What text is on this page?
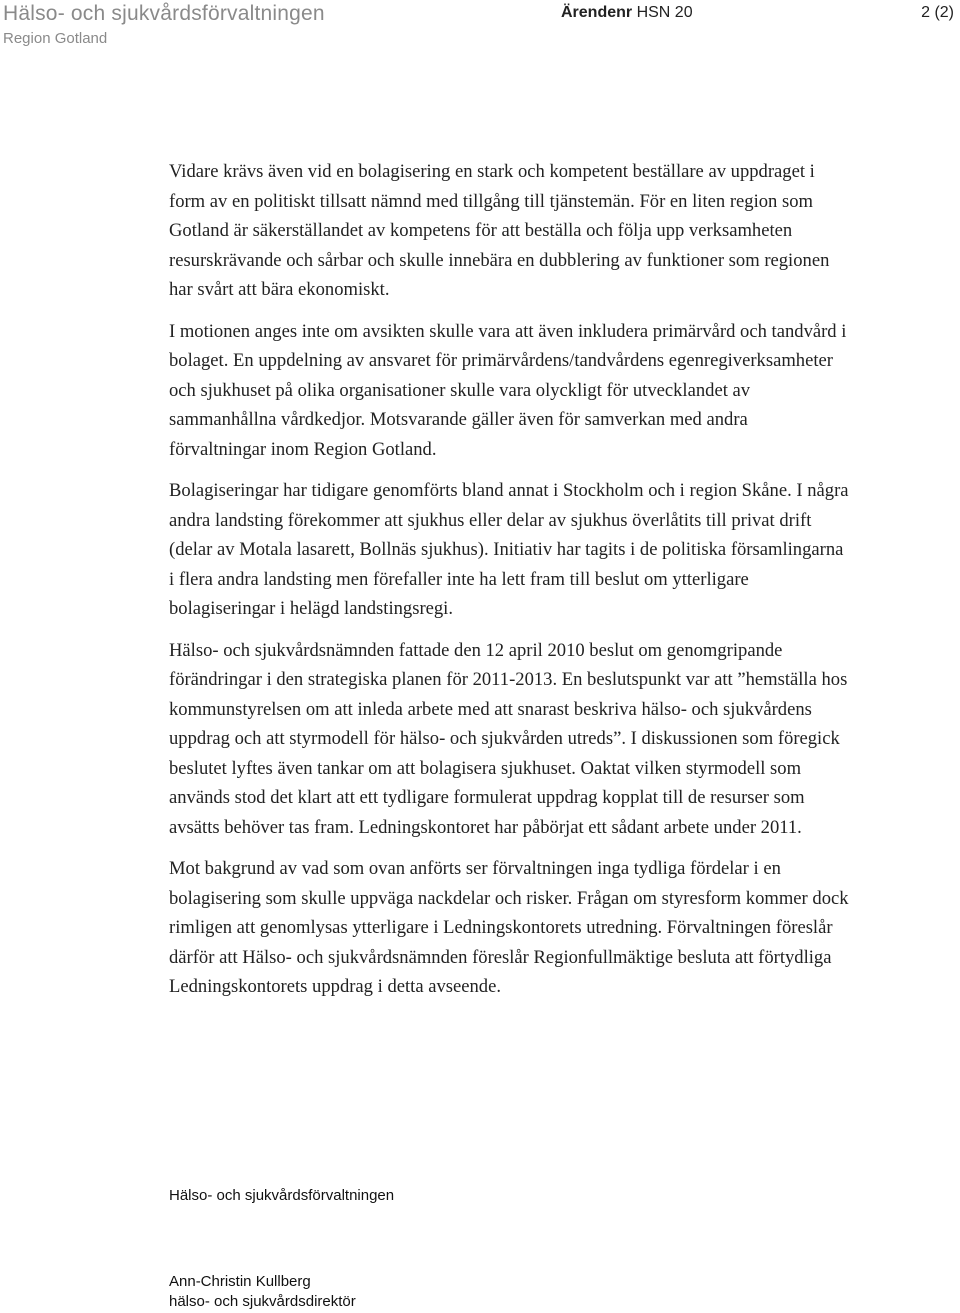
Hälso- och sjukvårdsförvaltningen
Region Gotland
Ärendenr HSN 20	2 (2)

Vidare krävs även vid en bolagisering en stark och kompetent beställare av uppdraget i form av en politiskt tillsatt nämnd med tillgång till tjänstemän. För en liten region som Gotland är säkerställandet av kompetens för att beställa och följa upp verksamheten resurskrävande och sårbar och skulle innebära en dubblering av funktioner som regionen har svårt att bära ekonomiskt.

I motionen anges inte om avsikten skulle vara att även inkludera primärvård och tandvård i bolaget. En uppdelning av ansvaret för primärvårdens/tandvårdens egenregiverksamheter och sjukhuset på olika organisationer skulle vara olyckligt för utvecklandet av sammanhållna vårdkedjor. Motsvarande gäller även för samverkan med andra förvaltningar inom Region Gotland.

Bolagiseringar har tidigare genomförts bland annat i Stockholm och i region Skåne. I några andra landsting förekommer att sjukhus eller delar av sjukhus överlåtits till privat drift (delar av Motala lasarett, Bollnäs sjukhus). Initiativ har tagits i de politiska församlingarna i flera andra landsting men förefaller inte ha lett fram till beslut om ytterligare bolagiseringar i helägd landstingsregi.

Hälso- och sjukvårdsnämnden fattade den 12 april 2010 beslut om genomgripande förändringar i den strategiska planen för 2011-2013. En beslutspunkt var att ”hemställa hos kommunstyrelsen om att inleda arbete med att snarast beskriva hälso- och sjukvårdens uppdrag och att styrmodell för hälso- och sjukvården utreds”. I diskussionen som föregick beslutet lyftes även tankar om att bolagisera sjukhuset. Oaktat vilken styrmodell som används stod det klart att ett tydligare formulerat uppdrag kopplat till de resurser som avsätts behöver tas fram. Ledningskontoret har påbörjat ett sådant arbete under 2011.

Mot bakgrund av vad som ovan anförts ser förvaltningen inga tydliga fördelar i en bolagisering som skulle uppväga nackdelar och risker. Frågan om styresform kommer dock rimligen att genomlysas ytterligare i Ledningskontorets utredning. Förvaltningen föreslår därför att Hälso- och sjukvårdsnämnden föreslår Regionfullmäktige besluta att förtydliga Ledningskontorets uppdrag i detta avseende.

Hälso- och sjukvårdsförvaltningen
Ann-Christin Kullberg
hälso- och sjukvårdsdirektör
